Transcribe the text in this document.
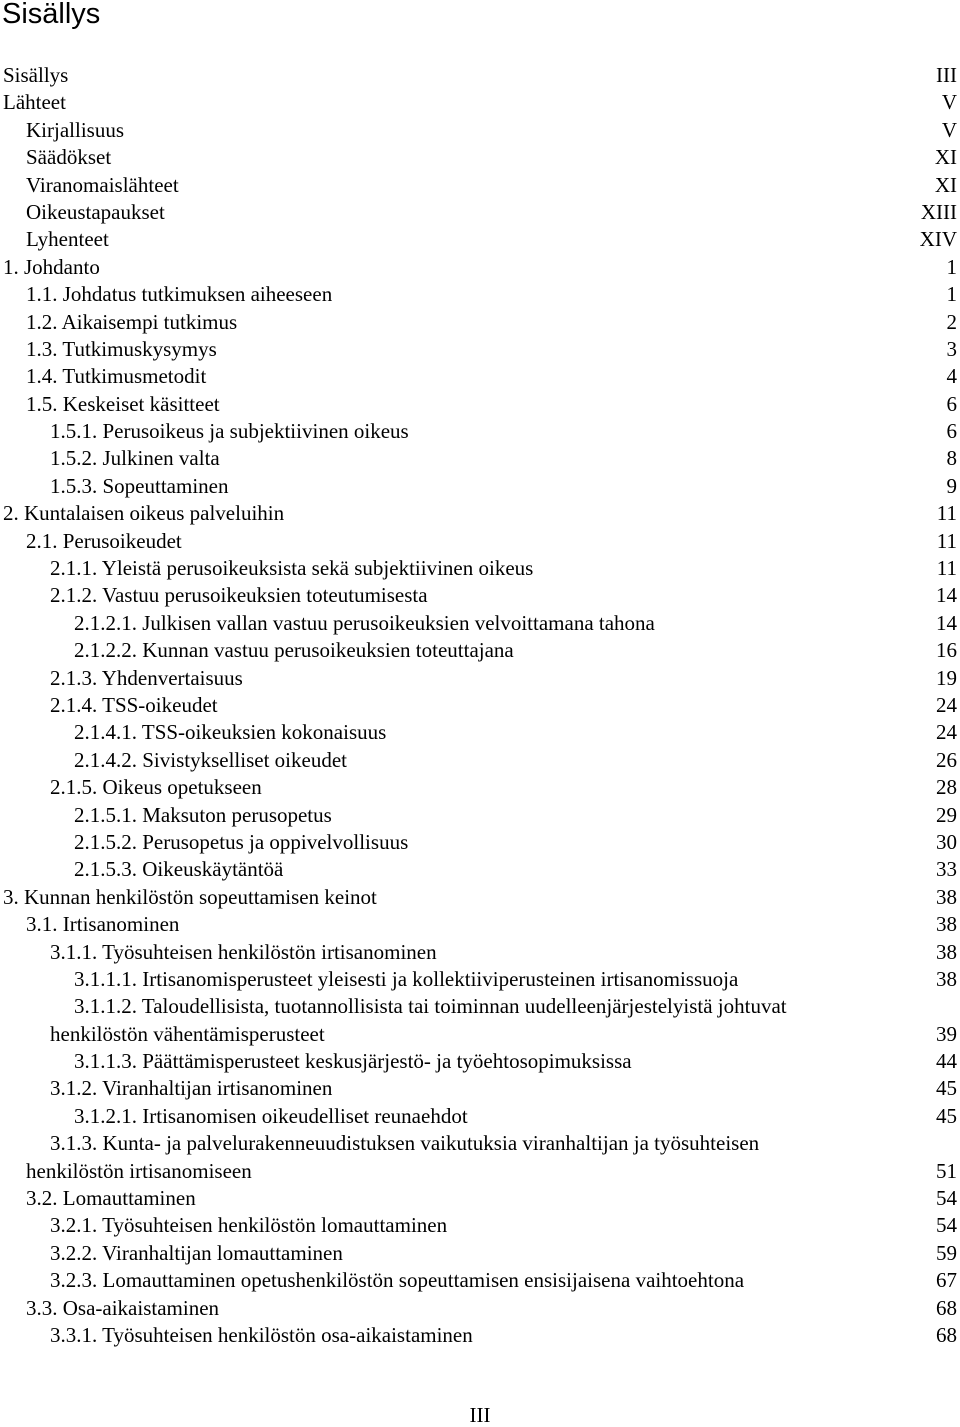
Sisällys
Sisällys	III
Lähteet	V
Kirjallisuus	V
Säädökset	XI
Viranomaislähteet	XI
Oikeustapaukset	XIII
Lyhenteet	XIV
1. Johdanto	1
1.1. Johdatus tutkimuksen aiheeseen	1
1.2. Aikaisempi tutkimus	2
1.3. Tutkimuskysymys	3
1.4. Tutkimusmetodit	4
1.5. Keskeiset käsitteet	6
1.5.1. Perusoikeus ja subjektiivinen oikeus	6
1.5.2. Julkinen valta	8
1.5.3. Sopeuttaminen	9
2. Kuntalaisen oikeus palveluihin	11
2.1. Perusoikeudet	11
2.1.1. Yleistä perusoikeuksista sekä subjektiivinen oikeus	11
2.1.2. Vastuu perusoikeuksien toteutumisesta	14
2.1.2.1. Julkisen vallan vastuu perusoikeuksien velvoittamana tahona	14
2.1.2.2. Kunnan vastuu perusoikeuksien toteuttajana	16
2.1.3. Yhdenvertaisuus	19
2.1.4. TSS-oikeudet	24
2.1.4.1. TSS-oikeuksien kokonaisuus	24
2.1.4.2. Sivistykselliset oikeudet	26
2.1.5. Oikeus opetukseen	28
2.1.5.1. Maksuton perusopetus	29
2.1.5.2. Perusopetus ja oppivelvollisuus	30
2.1.5.3. Oikeuskäytäntöä	33
3. Kunnan henkilöstön sopeuttamisen keinot	38
3.1. Irtisanominen	38
3.1.1. Työsuhteisen henkilöstön irtisanominen	38
3.1.1.1. Irtisanomisperusteet yleisesti ja kollektiiviperusteinen irtisanomissuoja	38
3.1.1.2. Taloudellisista, tuotannollisista tai toiminnan uudelleenjärjestelyistä johtuvat henkilöstön vähentämisperusteet	39
3.1.1.3. Päättämisperusteet keskusjärjestö- ja työehtosopimuksissa	44
3.1.2. Viranhaltijan irtisanominen	45
3.1.2.1. Irtisanomisen oikeudelliset reunaehdot	45
3.1.3. Kunta- ja palvelurakenneuudistuksen vaikutuksia viranhaltijan ja työsuhteisen henkilöstön irtisanomiseen	51
3.2. Lomauttaminen	54
3.2.1. Työsuhteisen henkilöstön lomauttaminen	54
3.2.2. Viranhaltijan lomauttaminen	59
3.2.3. Lomauttaminen opetushenkilöstön sopeuttamisen ensisijaisena vaihtoehtona	67
3.3. Osa-aikaistaminen	68
3.3.1. Työsuhteisen henkilöstön osa-aikaistaminen	68
III
